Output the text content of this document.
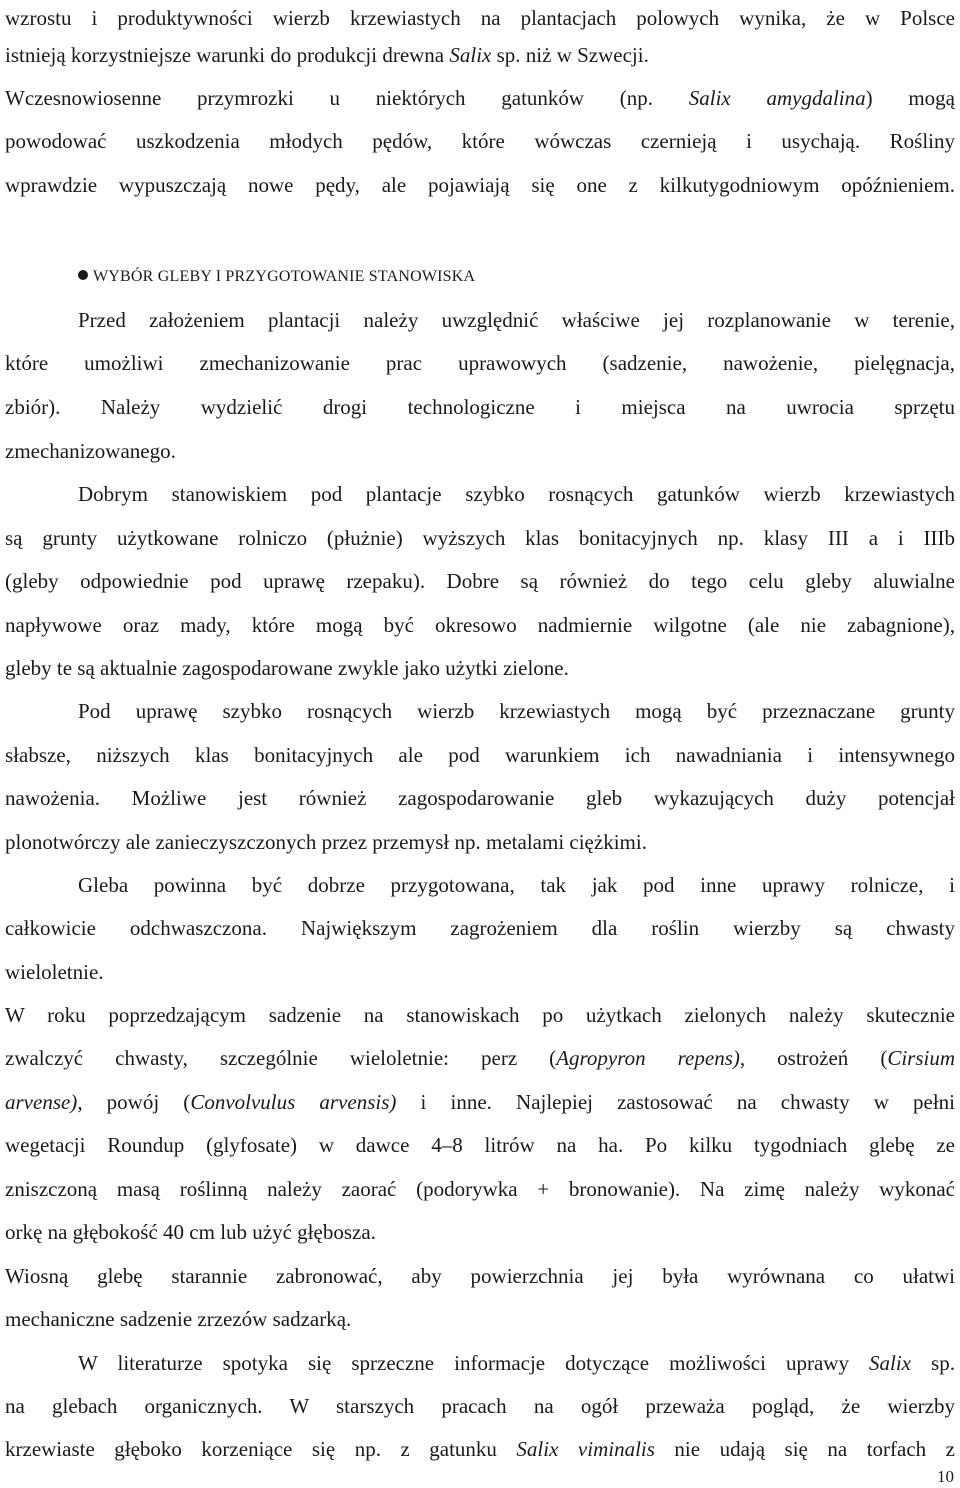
wzrostu i produktywności wierzb krzewiastych na plantacjach polowych wynika, że w Polsce
istnieją korzystniejsze warunki do produkcji drewna Salix sp. niż w Szwecji.
Wczesnowiosenne przymrozki u niektórych gatunków (np. Salix amygdalina) mogą
powodować uszkodzenia młodych pędów, które wówczas czernieją i usychają. Rośliny
wprawdzie wypuszczają nowe pędy, ale pojawiają się one z kilkutygodniowym opóźnieniem.
WYBÓR GLEBY I PRZYGOTOWANIE STANOWISKA
Przed założeniem plantacji należy uwzględnić właściwe jej rozplanowanie w terenie,
które umożliwi zmechanizowanie prac uprawowych (sadzenie, nawożenie, pielęgnacja,
zbiór). Należy wydzielić drogi technologiczne i miejsca na uwrocia sprzętu
zmechanizowanego.
Dobrym stanowiskiem pod plantacje szybko rosnących gatunków wierzb krzewiastych
są grunty użytkowane rolniczo (płużnie) wyższych klas bonitacyjnych np. klasy III a i IIIb
(gleby odpowiednie pod uprawę rzepaku). Dobre są również do tego celu gleby aluwialne
napływowe oraz mady, które mogą być okresowo nadmiernie wilgotne (ale nie zabagnione),
gleby te są aktualnie zagospodarowane zwykle jako użytki zielone.
Pod uprawę szybko rosnących wierzb krzewiastych mogą być przeznaczane grunty
słabsze, niższych klas bonitacyjnych ale pod warunkiem ich nawadniania i intensywnego
nawożenia. Możliwe jest również zagospodarowanie gleb wykazujących duży potencjał
plonotwórczy ale zanieczyszczonych przez przemysł np. metalami ciężkimi.
Gleba powinna być dobrze przygotowana, tak jak pod inne uprawy rolnicze, i
całkowicie odchwaszczona. Największym zagrożeniem dla roślin wierzby są chwasty
wieloletnie.
W roku poprzedzającym sadzenie na stanowiskach po użytkach zielonych należy skutecznie
zwalczyć chwasty, szczególnie wieloletnie: perz (Agropyron repens), ostrożeń (Cirsium
arvense), powój (Convolvulus arvensis) i inne. Najlepiej zastosować na chwasty w pełni
wegetacji Roundup (glyfosate) w dawce 4–8 litrów na ha. Po kilku tygodniach glebę ze
zniszczoną masą roślinną należy zaorać (podorywka + bronowanie). Na zimę należy wykonać
orkę na głębokość 40 cm lub użyć głębosza.
Wiosną glebę starannie zabronować, aby powierzchnia jej była wyrównana co ułatwi
mechaniczne sadzenie zrzezów sadzarką.
W literaturze spotyka się sprzeczne informacje dotyczące możliwości uprawy Salix sp.
na glebach organicznych. W starszych pracach na ogół przeważa pogląd, że wierzby
krzewiaste głęboko korzeniące się np. z gatunku Salix viminalis nie udają się na torfach z
10
